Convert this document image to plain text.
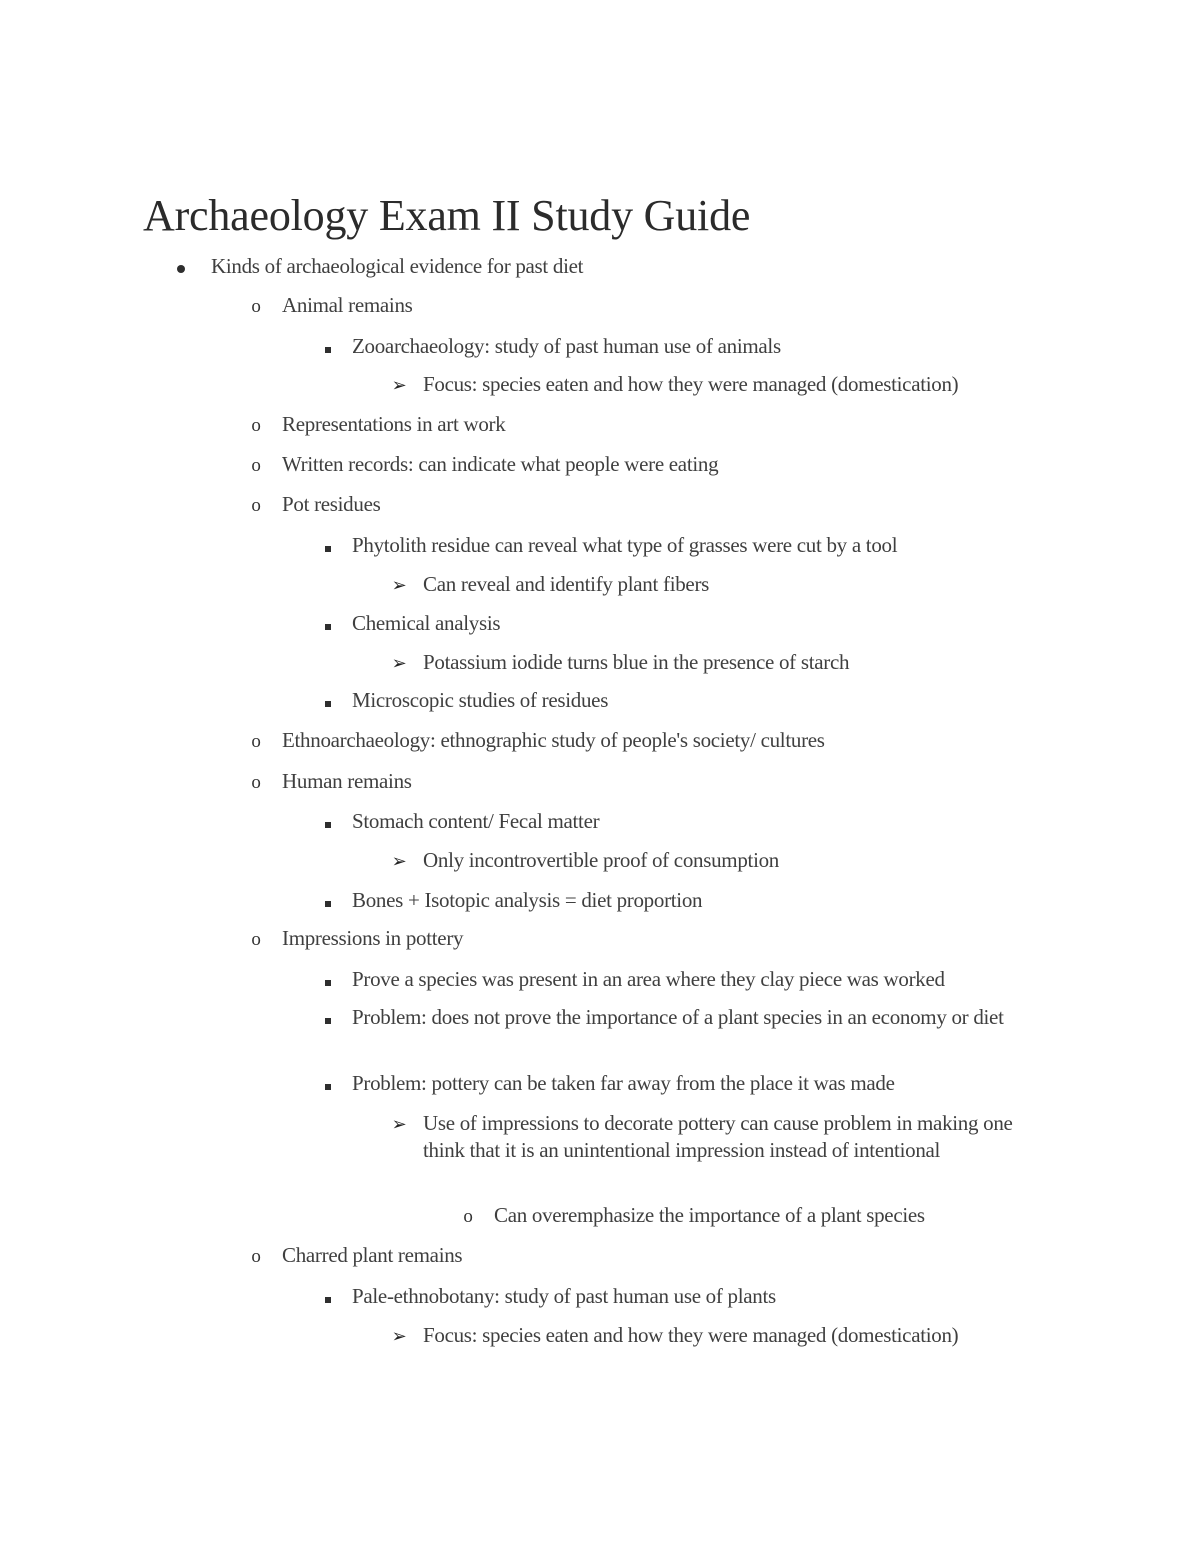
Archaeology Exam II Study Guide
Kinds of archaeological evidence for past diet
o Animal remains
Zooarchaeology: study of past human use of animals
➢ Focus: species eaten and how they were managed (domestication)
o Representations in art work
o Written records: can indicate what people were eating
o Pot residues
Phytolith residue can reveal what type of grasses were cut by a tool
➢ Can reveal and identify plant fibers
Chemical analysis
➢ Potassium iodide turns blue in the presence of starch
Microscopic studies of residues
o Ethnoarchaeology: ethnographic study of people's society/ cultures
o Human remains
Stomach content/ Fecal matter
➢ Only incontrovertible proof of consumption
Bones + Isotopic analysis = diet proportion
o Impressions in pottery
Prove a species was present in an area where they clay piece was worked
Problem: does not prove the importance of a plant species in an economy or diet
Problem: pottery can be taken far away from the place it was made
➢ Use of impressions to decorate pottery can cause problem in making one think that it is an unintentional impression instead of intentional
o Can overemphasize the importance of a plant species
o Charred plant remains
Pale-ethnobotany: study of past human use of plants
➢ Focus: species eaten and how they were managed (domestication)
